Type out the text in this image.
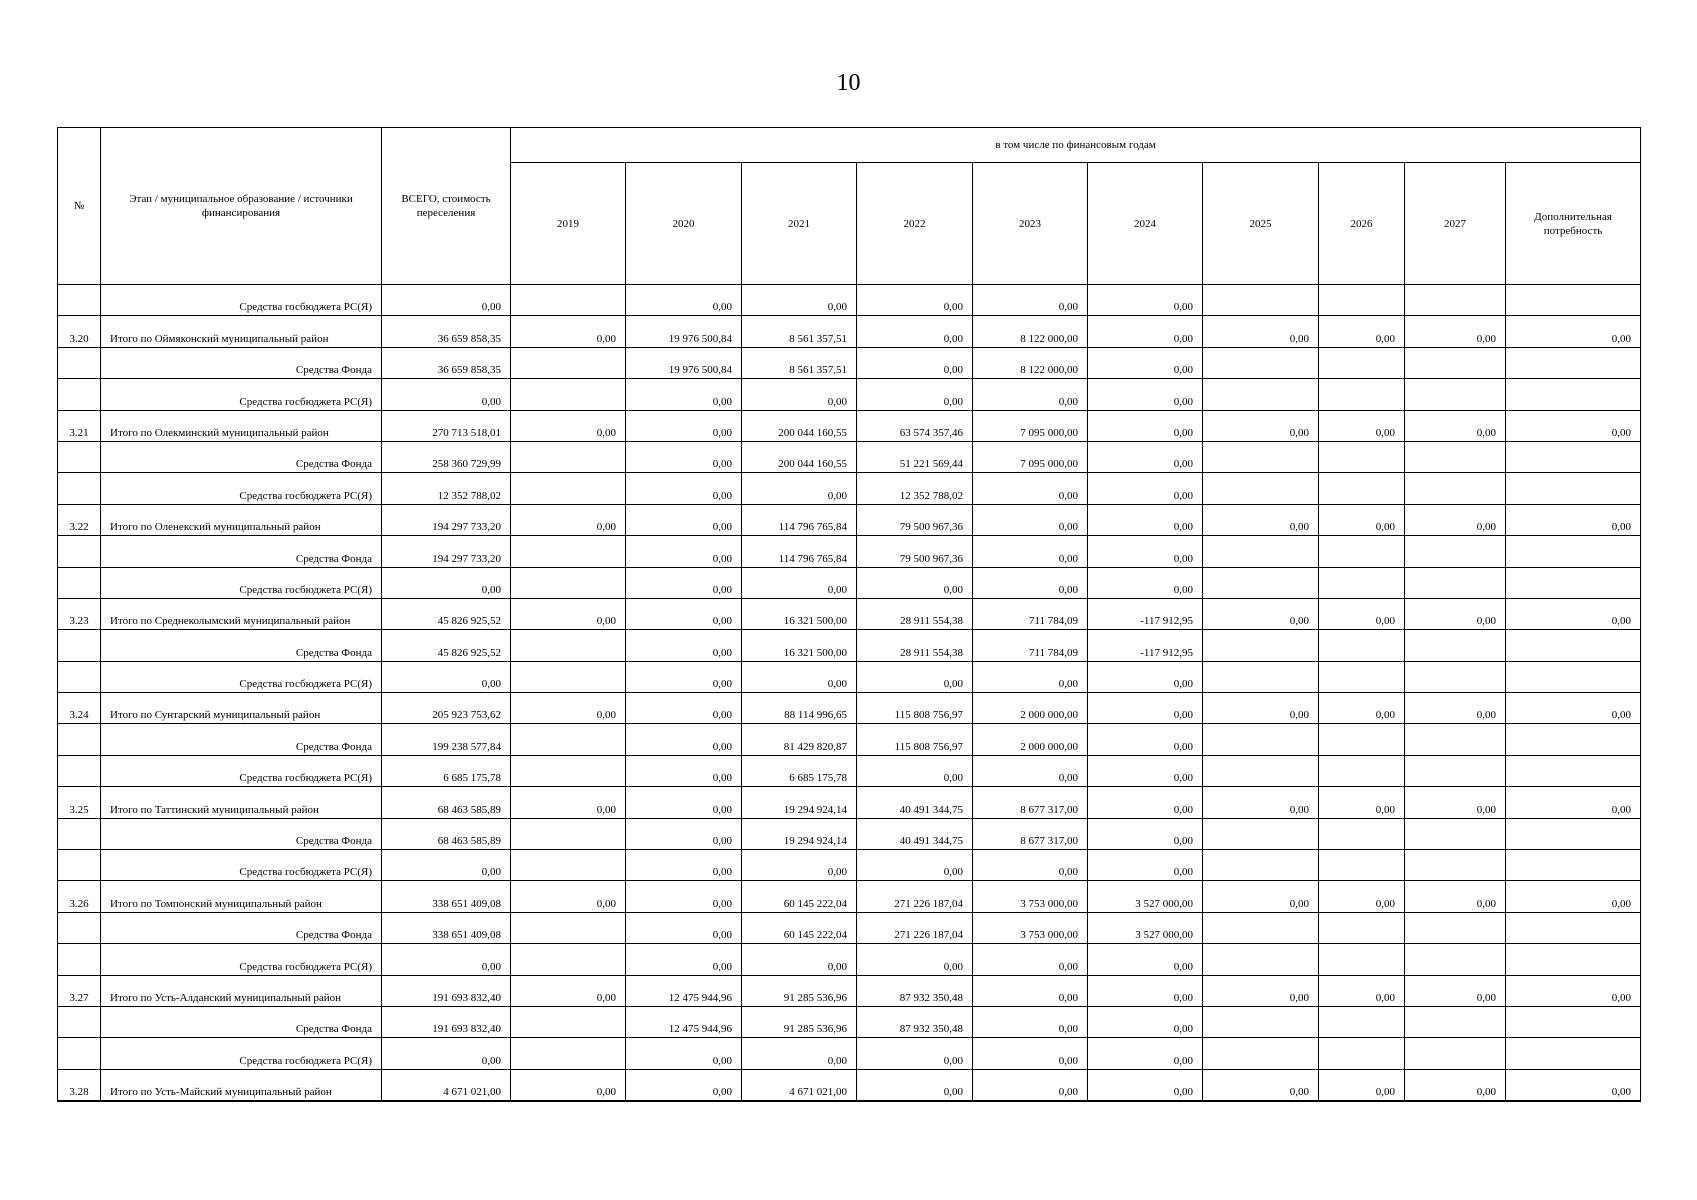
10
№	Этап / муниципальное образование / источники финансирования	ВСЕГО, стоимость переселения	в том числе по финансовым годам									
			2019	2020	2021	2022	2023	2024	2025	2026	2027	Дополнительная потребность
	Средства госбюджета РС(Я)	0,00		0,00	0,00	0,00	0,00	0,00				
3.20	Итого по Оймяконский муниципальный район	36 659 858,35	0,00	19 976 500,84	8 561 357,51	0,00	8 122 000,00	0,00	0,00	0,00	0,00	0,00
	Средства Фонда	36 659 858,35		19 976 500,84	8 561 357,51	0,00	8 122 000,00	0,00				
	Средства госбюджета РС(Я)	0,00		0,00	0,00	0,00	0,00	0,00				
3.21	Итого по Олекминский муниципальный район	270 713 518,01	0,00	0,00	200 044 160,55	63 574 357,46	7 095 000,00	0,00	0,00	0,00	0,00	0,00
	Средства Фонда	258 360 729,99		0,00	200 044 160,55	51 221 569,44	7 095 000,00	0,00				
	Средства госбюджета РС(Я)	12 352 788,02		0,00	0,00	12 352 788,02	0,00	0,00				
3.22	Итого по Оленекский муниципальный район	194 297 733,20	0,00	0,00	114 796 765,84	79 500 967,36	0,00	0,00	0,00	0,00	0,00	0,00
	Средства Фонда	194 297 733,20		0,00	114 796 765,84	79 500 967,36	0,00	0,00				
	Средства госбюджета РС(Я)	0,00		0,00	0,00	0,00	0,00	0,00				
3.23	Итого по Среднеколымский муниципальный район	45 826 925,52	0,00	0,00	16 321 500,00	28 911 554,38	711 784,09	-117 912,95	0,00	0,00	0,00	0,00
	Средства Фонда	45 826 925,52		0,00	16 321 500,00	28 911 554,38	711 784,09	-117 912,95				
	Средства госбюджета РС(Я)	0,00		0,00	0,00	0,00	0,00	0,00				
3.24	Итого по Сунтарский муниципальный район	205 923 753,62	0,00	0,00	88 114 996,65	115 808 756,97	2 000 000,00	0,00	0,00	0,00	0,00	0,00
	Средства Фонда	199 238 577,84		0,00	81 429 820,87	115 808 756,97	2 000 000,00	0,00				
	Средства госбюджета РС(Я)	6 685 175,78		0,00	6 685 175,78	0,00	0,00	0,00				
3.25	Итого по Таттинский муниципальный район	68 463 585,89	0,00	0,00	19 294 924,14	40 491 344,75	8 677 317,00	0,00	0,00	0,00	0,00	0,00
	Средства Фонда	68 463 585,89		0,00	19 294 924,14	40 491 344,75	8 677 317,00	0,00				
	Средства госбюджета РС(Я)	0,00		0,00	0,00	0,00	0,00	0,00				
3.26	Итого по Томпонский муниципальный район	338 651 409,08	0,00	0,00	60 145 222,04	271 226 187,04	3 753 000,00	3 527 000,00	0,00	0,00	0,00	0,00
	Средства Фонда	338 651 409,08		0,00	60 145 222,04	271 226 187,04	3 753 000,00	3 527 000,00				
	Средства госбюджета РС(Я)	0,00		0,00	0,00	0,00	0,00	0,00				
3.27	Итого по Усть-Алданский муниципальный район	191 693 832,40	0,00	12 475 944,96	91 285 536,96	87 932 350,48	0,00	0,00	0,00	0,00	0,00	0,00
	Средства Фонда	191 693 832,40		12 475 944,96	91 285 536,96	87 932 350,48	0,00	0,00				
	Средства госбюджета РС(Я)	0,00		0,00	0,00	0,00	0,00	0,00				
3.28	Итого по Усть-Майский муниципальный район	4 671 021,00	0,00	0,00	4 671 021,00	0,00	0,00	0,00	0,00	0,00	0,00	0,00
